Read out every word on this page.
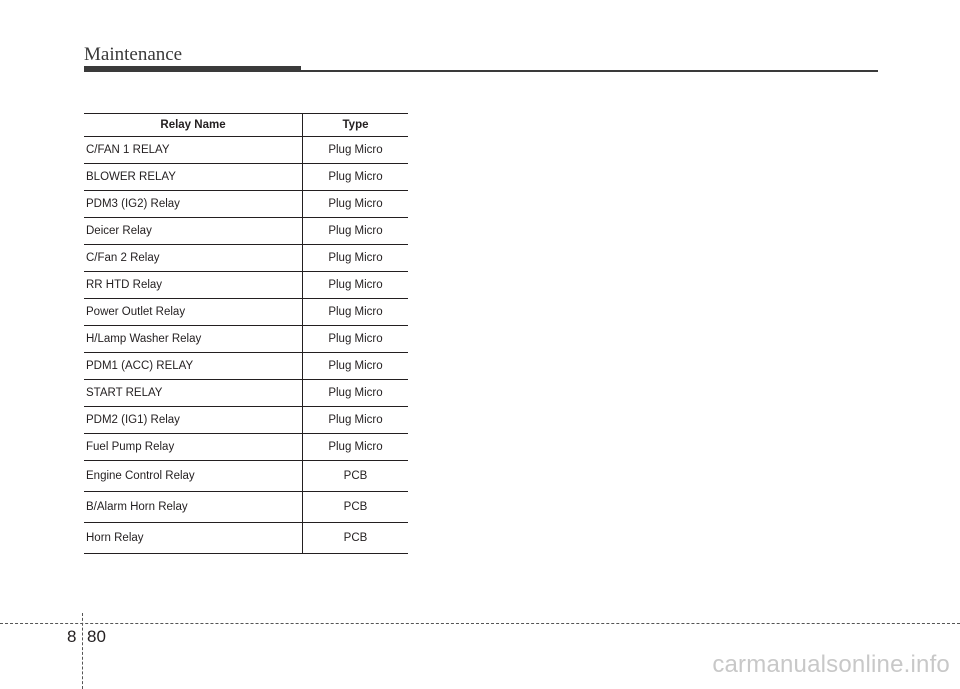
Maintenance
Relay Name	Type
C/FAN 1 RELAY	Plug Micro
BLOWER RELAY	Plug Micro
PDM3 (IG2) Relay	Plug Micro
Deicer Relay	Plug Micro
C/Fan 2 Relay	Plug Micro
RR HTD Relay	Plug Micro
Power Outlet Relay	Plug Micro
H/Lamp Washer Relay	Plug Micro
PDM1 (ACC) RELAY	Plug Micro
START RELAY	Plug Micro
PDM2 (IG1) Relay	Plug Micro
Fuel Pump Relay	Plug Micro
Engine Control Relay	PCB
B/Alarm Horn Relay	PCB
Horn Relay	PCB
8 80
carmanualsonline.info
